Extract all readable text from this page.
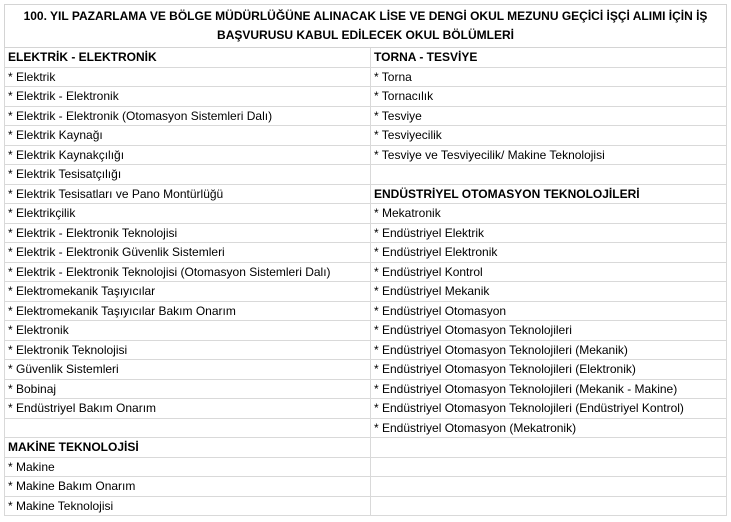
100. YIL PAZARLAMA VE BÖLGE MÜDÜRLÜĞÜNE ALINACAK LİSE VE DENGİ OKUL MEZUNU GEÇİCİ İŞÇİ ALIMI İÇİN İŞ BAŞVURUSU KABUL EDİLECEK OKUL BÖLÜMLERİ	
ELEKTRİK - ELEKTRONİK	TORNA - TESVİYE
* Elektrik	* Torna
* Elektrik - Elektronik	* Tornacılık
* Elektrik - Elektronik (Otomasyon Sistemleri Dalı)	* Tesviye
* Elektrik Kaynağı	* Tesviyecilik
* Elektrik Kaynakçılığı	* Tesviye ve Tesviyecilik/ Makine Teknolojisi
* Elektrik Tesisatçılığı	
* Elektrik Tesisatları ve Pano Montürlüğü	ENDÜSTRİYEL OTOMASYON TEKNOLOJİLERİ
* Elektrikçilik	* Mekatronik
* Elektrik - Elektronik Teknolojisi	* Endüstriyel Elektrik
* Elektrik - Elektronik Güvenlik Sistemleri	* Endüstriyel Elektronik
* Elektrik - Elektronik Teknolojisi (Otomasyon Sistemleri Dalı)	* Endüstriyel Kontrol
* Elektromekanik Taşıyıcılar	* Endüstriyel Mekanik
* Elektromekanik Taşıyıcılar Bakım Onarım	* Endüstriyel Otomasyon
* Elektronik	* Endüstriyel Otomasyon Teknolojileri
* Elektronik Teknolojisi	* Endüstriyel Otomasyon Teknolojileri (Mekanik)
* Güvenlik Sistemleri	* Endüstriyel Otomasyon Teknolojileri (Elektronik)
* Bobinaj	* Endüstriyel Otomasyon Teknolojileri (Mekanik - Makine)
* Endüstriyel Bakım Onarım	* Endüstriyel Otomasyon Teknolojileri (Endüstriyel Kontrol)
	* Endüstriyel Otomasyon (Mekatronik)
MAKİNE TEKNOLOJİSİ	
* Makine	
* Makine Bakım Onarım	
* Makine Teknolojisi	
